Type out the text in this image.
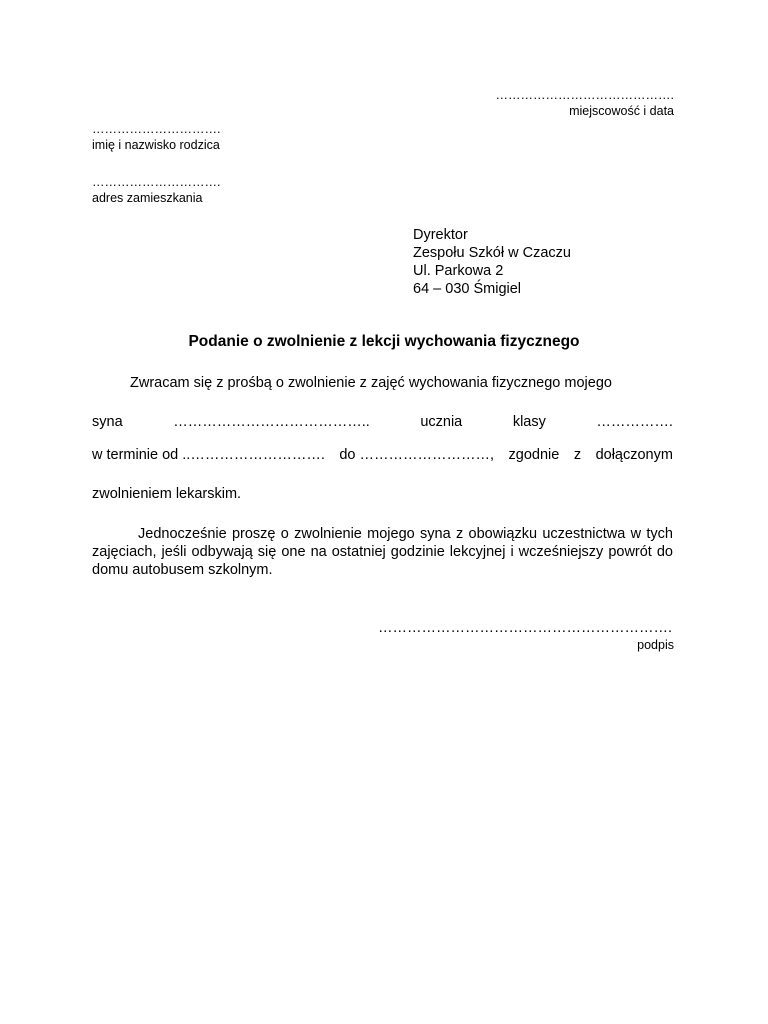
…………………………………….
miejscowość i data
………………………….
imię i nazwisko rodzica
………………………….
adres zamieszkania
Dyrektor
Zespołu Szkół w Czaczu
Ul. Parkowa 2
64 – 030 Śmigiel
Podanie o zwolnienie z lekcji wychowania fizycznego
Zwracam się z prośbą o zwolnienie z zajęć wychowania fizycznego mojego
syna	…………………………………..	ucznia	klasy	…………….
w terminie od ..………………………. do ………………………, zgodnie z dołączonym
zwolnieniem lekarskim.
Jednocześnie proszę o zwolnienie mojego syna z obowiązku uczestnictwa w tych zajęciach, jeśli odbywają się one na ostatniej godzinie lekcyjnej i wcześniejszy powrót do domu autobusem szkolnym.
…………………………………………………….
podpis
